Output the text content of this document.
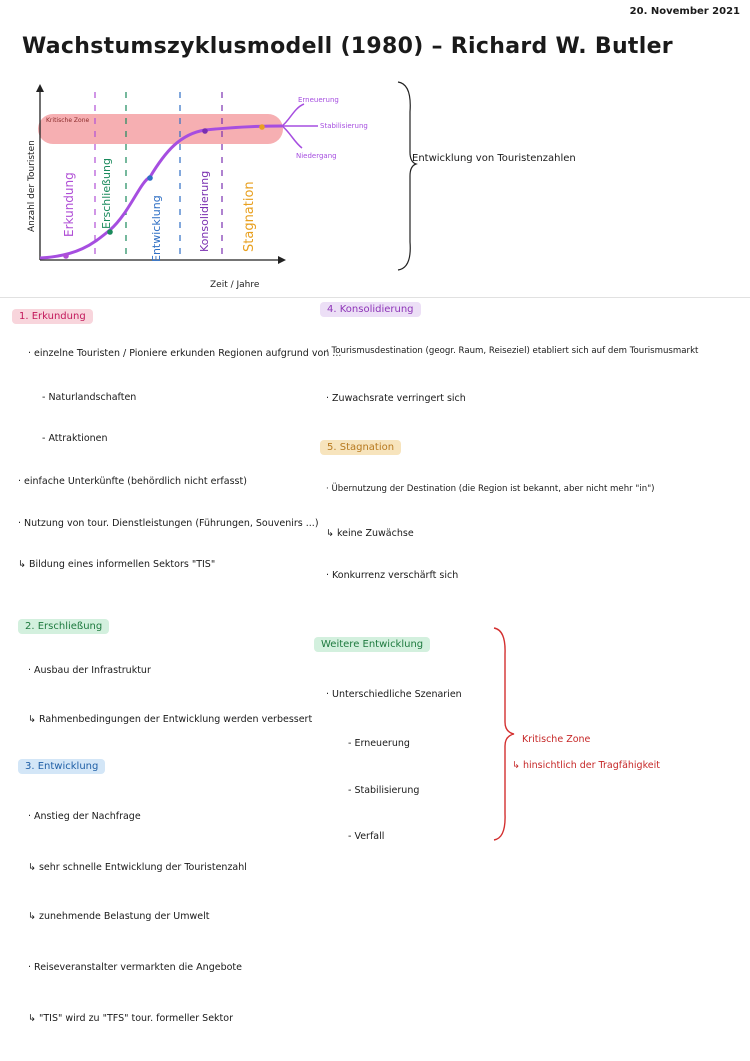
20. November 2021
Wachstumszyklusmodell (1980) – Richard W. Butler
Kritische Zone
Erneuerung
Stabilisierung
Niedergang
Erkundung Erschließung	Entwicklung	Konsolidierung Stagnation
Anzahl der Touristen
Zeit / Jahre
Entwicklung von Touristenzahlen
1. Erkundung
· einzelne Touristen / Pioniere erkunden Regionen aufgrund von ...
- Naturlandschaften
- Attraktionen
· einfache Unterkünfte (behördlich nicht erfasst)
· Nutzung von tour. Dienstleistungen (Führungen, Souvenirs ...)
↳ Bildung eines informellen Sektors "TIS"
2. Erschließung
· Ausbau der Infrastruktur
↳ Rahmenbedingungen der Entwicklung werden verbessert
3. Entwicklung
· Anstieg der Nachfrage
↳ sehr schnelle Entwicklung der Touristenzahl
↳ zunehmende Belastung der Umwelt
· Reiseveranstalter vermarkten die Angebote
↳ "TIS" wird zu "TFS" tour. formeller Sektor
4. Konsolidierung
· Tourismusdestination (geogr. Raum, Reiseziel) etabliert sich auf dem Tourismusmarkt
· Zuwachsrate verringert sich
5. Stagnation
· Übernutzung der Destination (die Region ist bekannt, aber nicht mehr "in")
↳ keine Zuwächse
· Konkurrenz verschärft sich
Weitere Entwicklung
· Unterschiedliche Szenarien
- Erneuerung
- Stabilisierung
- Verfall
Kritische Zone
↳ hinsichtlich der Tragfähigkeit
